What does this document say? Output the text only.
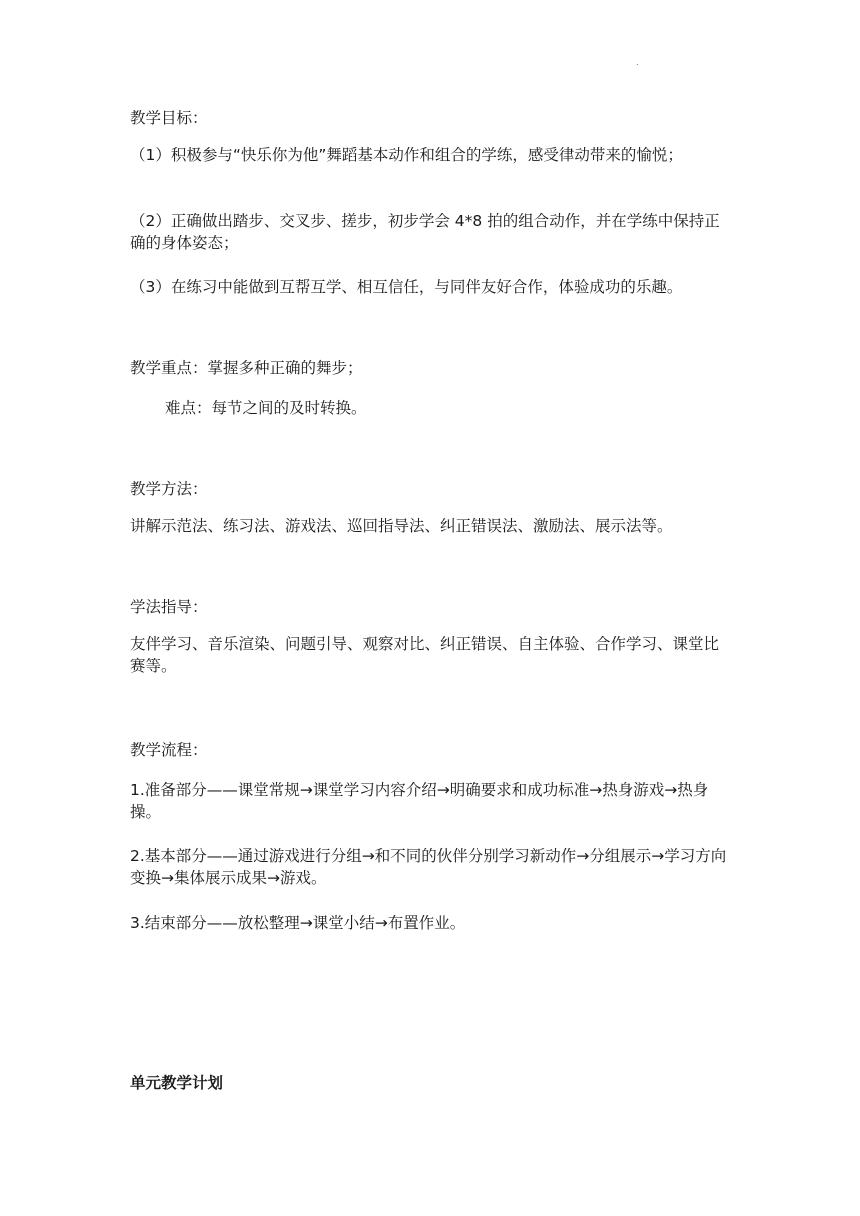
.

教学目标：

（1）积极参与“快乐你为他”舞蹈基本动作和组合的学练，感受律动带来的愉悦；

（2）正确做出踏步、交叉步、搓步，初步学会 4*8 拍的组合动作，并在学练中保持正确的身体姿态；

（3）在练习中能做到互帮互学、相互信任，与同伴友好合作，体验成功的乐趣。

教学重点：掌握多种正确的舞步；

难点：每节之间的及时转换。

教学方法：

讲解示范法、练习法、游戏法、巡回指导法、纠正错误法、激励法、展示法等。

学法指导：

友伴学习、音乐渲染、问题引导、观察对比、纠正错误、自主体验、合作学习、课堂比赛等。

教学流程：

1.准备部分——课堂常规→课堂学习内容介绍→明确要求和成功标准→热身游戏→热身操。

2.基本部分——通过游戏进行分组→和不同的伙伴分别学习新动作→分组展示→学习方向变换→集体展示成果→游戏。

3.结束部分——放松整理→课堂小结→布置作业。

单元教学计划
